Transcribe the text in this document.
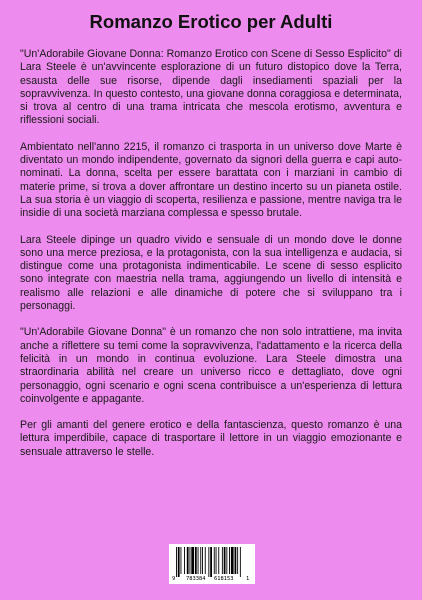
Romanzo Erotico per Adulti

"Un'Adorabile Giovane Donna: Romanzo Erotico con Scene di Sesso Esplicito" di Lara Steele è un'avvincente esplorazione di un futuro distopico dove la Terra, esausta delle sue risorse, dipende dagli insediamenti spaziali per la sopravvivenza. In questo contesto, una giovane donna coraggiosa e determinata, si trova al centro di una trama intricata che mescola erotismo, avventura e riflessioni sociali.

Ambientato nell'anno 2215, il romanzo ci trasporta in un universo dove Marte è diventato un mondo indipendente, governato da signori della guerra e capi auto-nominati. La donna, scelta per essere barattata con i marziani in cambio di materie prime, si trova a dover affrontare un destino incerto su un pianeta ostile. La sua storia è un viaggio di scoperta, resilienza e passione, mentre naviga tra le insidie di una società marziana complessa e spesso brutale.

Lara Steele dipinge un quadro vivido e sensuale di un mondo dove le donne sono una merce preziosa, e la protagonista, con la sua intelligenza e audacia, si distingue come una protagonista indimenticabile. Le scene di sesso esplicito sono integrate con maestria nella trama, aggiungendo un livello di intensità e realismo alle relazioni e alle dinamiche di potere che si sviluppano tra i personaggi.

"Un'Adorabile Giovane Donna" è un romanzo che non solo intrattiene, ma invita anche a riflettere su temi come la sopravvivenza, l'adattamento e la ricerca della felicità in un mondo in continua evoluzione. Lara Steele dimostra una straordinaria abilità nel creare un universo ricco e dettagliato, dove ogni personaggio, ogni scenario e ogni scena contribuisce a un'esperienza di lettura coinvolgente e appagante.

Per gli amanti del genere erotico e della fantascienza, questo romanzo è una lettura imperdibile, capace di trasportare il lettore in un viaggio emozionante e sensuale attraverso le stelle.

9 783384 618153 1
